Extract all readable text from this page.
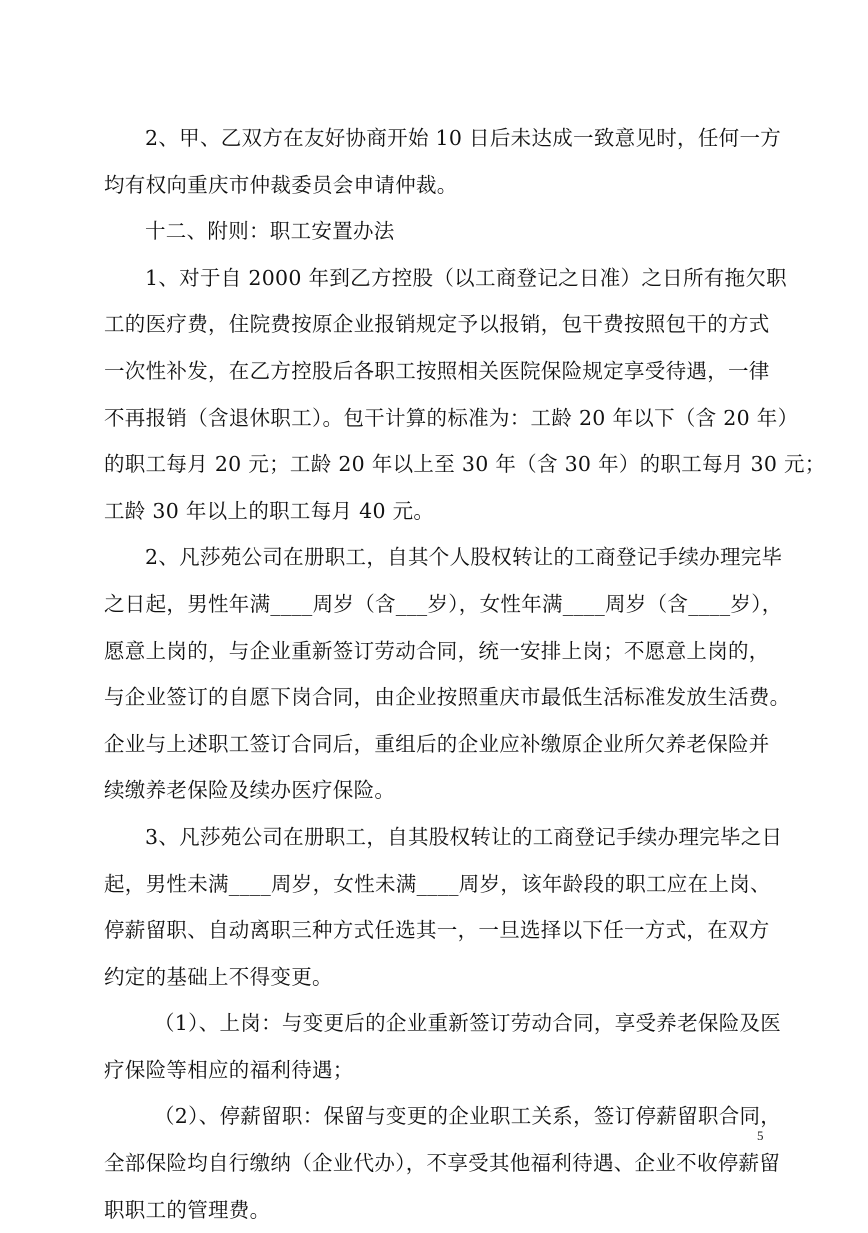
2、甲、乙双方在友好协商开始 10 日后未达成一致意见时，任何一方
均有权向重庆市仲裁委员会申请仲裁。
十二、附则：职工安置办法
1、对于自 2000 年到乙方控股（以工商登记之日准）之日所有拖欠职
工的医疗费，住院费按原企业报销规定予以报销，包干费按照包干的方式
一次性补发，在乙方控股后各职工按照相关医院保险规定享受待遇，一律
不再报销（含退休职工）。包干计算的标准为：工龄 20 年以下（含 20 年）
的职工每月 20 元；工龄 20 年以上至 30 年（含 30 年）的职工每月 30 元；
工龄 30 年以上的职工每月 40 元。
2、凡莎苑公司在册职工，自其个人股权转让的工商登记手续办理完毕
之日起，男性年满____周岁（含___岁），女性年满____周岁（含____岁），
愿意上岗的，与企业重新签订劳动合同，统一安排上岗；不愿意上岗的，
与企业签订的自愿下岗合同，由企业按照重庆市最低生活标准发放生活费。
企业与上述职工签订合同后，重组后的企业应补缴原企业所欠养老保险并
续缴养老保险及续办医疗保险。
3、凡莎苑公司在册职工，自其股权转让的工商登记手续办理完毕之日
起，男性未满____周岁，女性未满____周岁，该年龄段的职工应在上岗、
停薪留职、自动离职三种方式任选其一，一旦选择以下任一方式，在双方
约定的基础上不得变更。
（1）、上岗：与变更后的企业重新签订劳动合同，享受养老保险及医
疗保险等相应的福利待遇；
（2）、停薪留职：保留与变更的企业职工关系，签订停薪留职合同，
全部保险均自行缴纳（企业代办），不享受其他福利待遇、企业不收停薪留
职职工的管理费。
5
